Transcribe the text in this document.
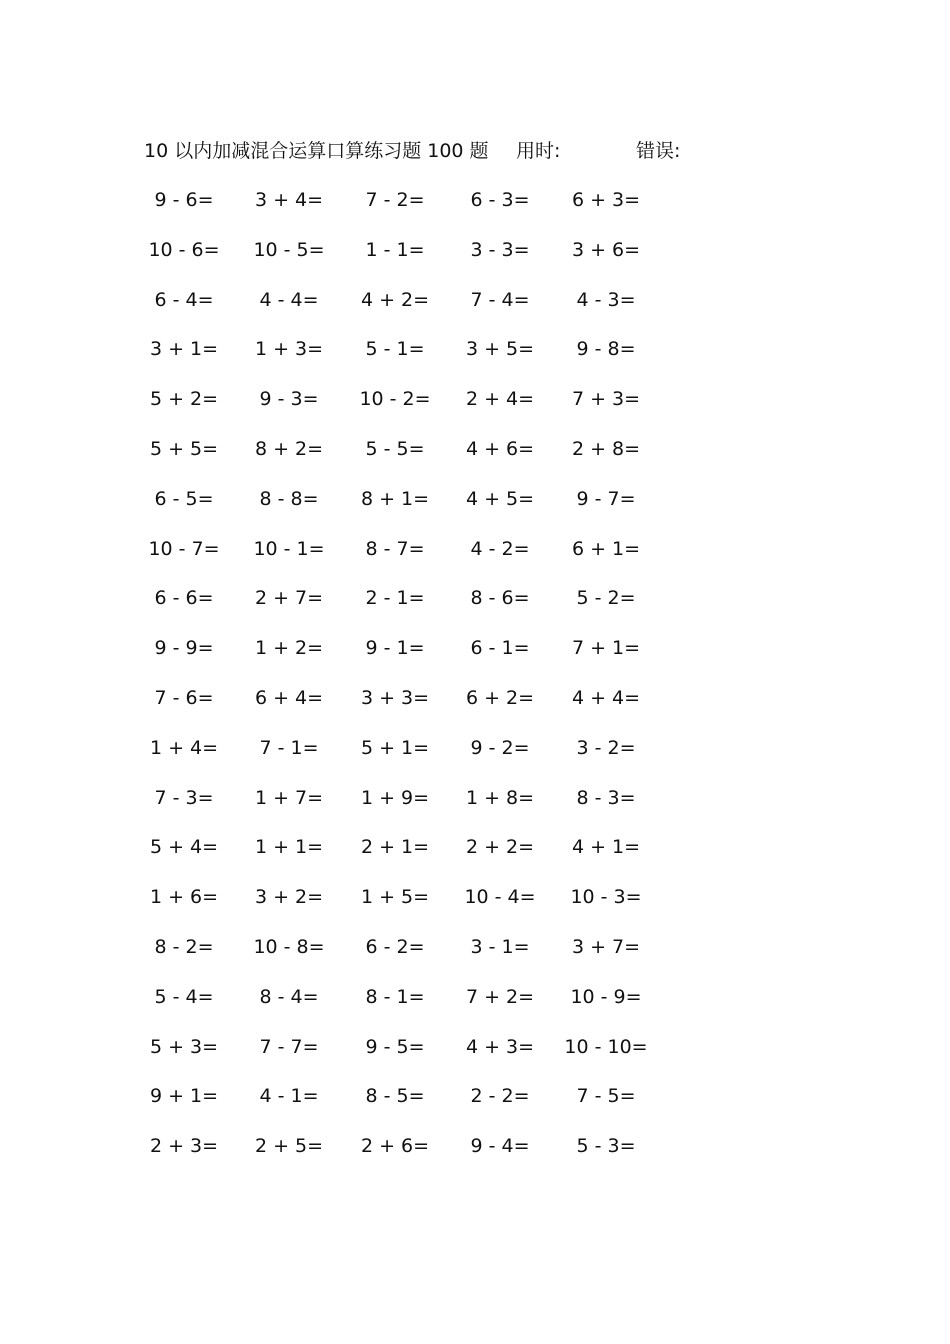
10 以内加减混合运算口算练习题 100 题 用时:	错误:
9 - 6=	3 + 4=	7 - 2=	6 - 3=	6 + 3=
10 - 6=	10 - 5=	1 - 1=	3 - 3=	3 + 6=
6 - 4=	4 - 4=	4 + 2=	7 - 4=	4 - 3=
3 + 1=	1 + 3=	5 - 1=	3 + 5=	9 - 8=
5 + 2=	9 - 3=	10 - 2=	2 + 4=	7 + 3=
5 + 5=	8 + 2=	5 - 5=	4 + 6=	2 + 8=
6 - 5=	8 - 8=	8 + 1=	4 + 5=	9 - 7=
10 - 7=	10 - 1=	8 - 7=	4 - 2=	6 + 1=
6 - 6=	2 + 7=	2 - 1=	8 - 6=	5 - 2=
9 - 9=	1 + 2=	9 - 1=	6 - 1=	7 + 1=
7 - 6=	6 + 4=	3 + 3=	6 + 2=	4 + 4=
1 + 4=	7 - 1=	5 + 1=	9 - 2=	3 - 2=
7 - 3=	1 + 7=	1 + 9=	1 + 8=	8 - 3=
5 + 4=	1 + 1=	2 + 1=	2 + 2=	4 + 1=
1 + 6=	3 + 2=	1 + 5=	10 - 4=	10 - 3=
8 - 2=	10 - 8=	6 - 2=	3 - 1=	3 + 7=
5 - 4=	8 - 4=	8 - 1=	7 + 2=	10 - 9=
5 + 3=	7 - 7=	9 - 5=	4 + 3=	10 - 10=
9 + 1=	4 - 1=	8 - 5=	2 - 2=	7 - 5=
2 + 3=	2 + 5=	2 + 6=	9 - 4=	5 - 3=
